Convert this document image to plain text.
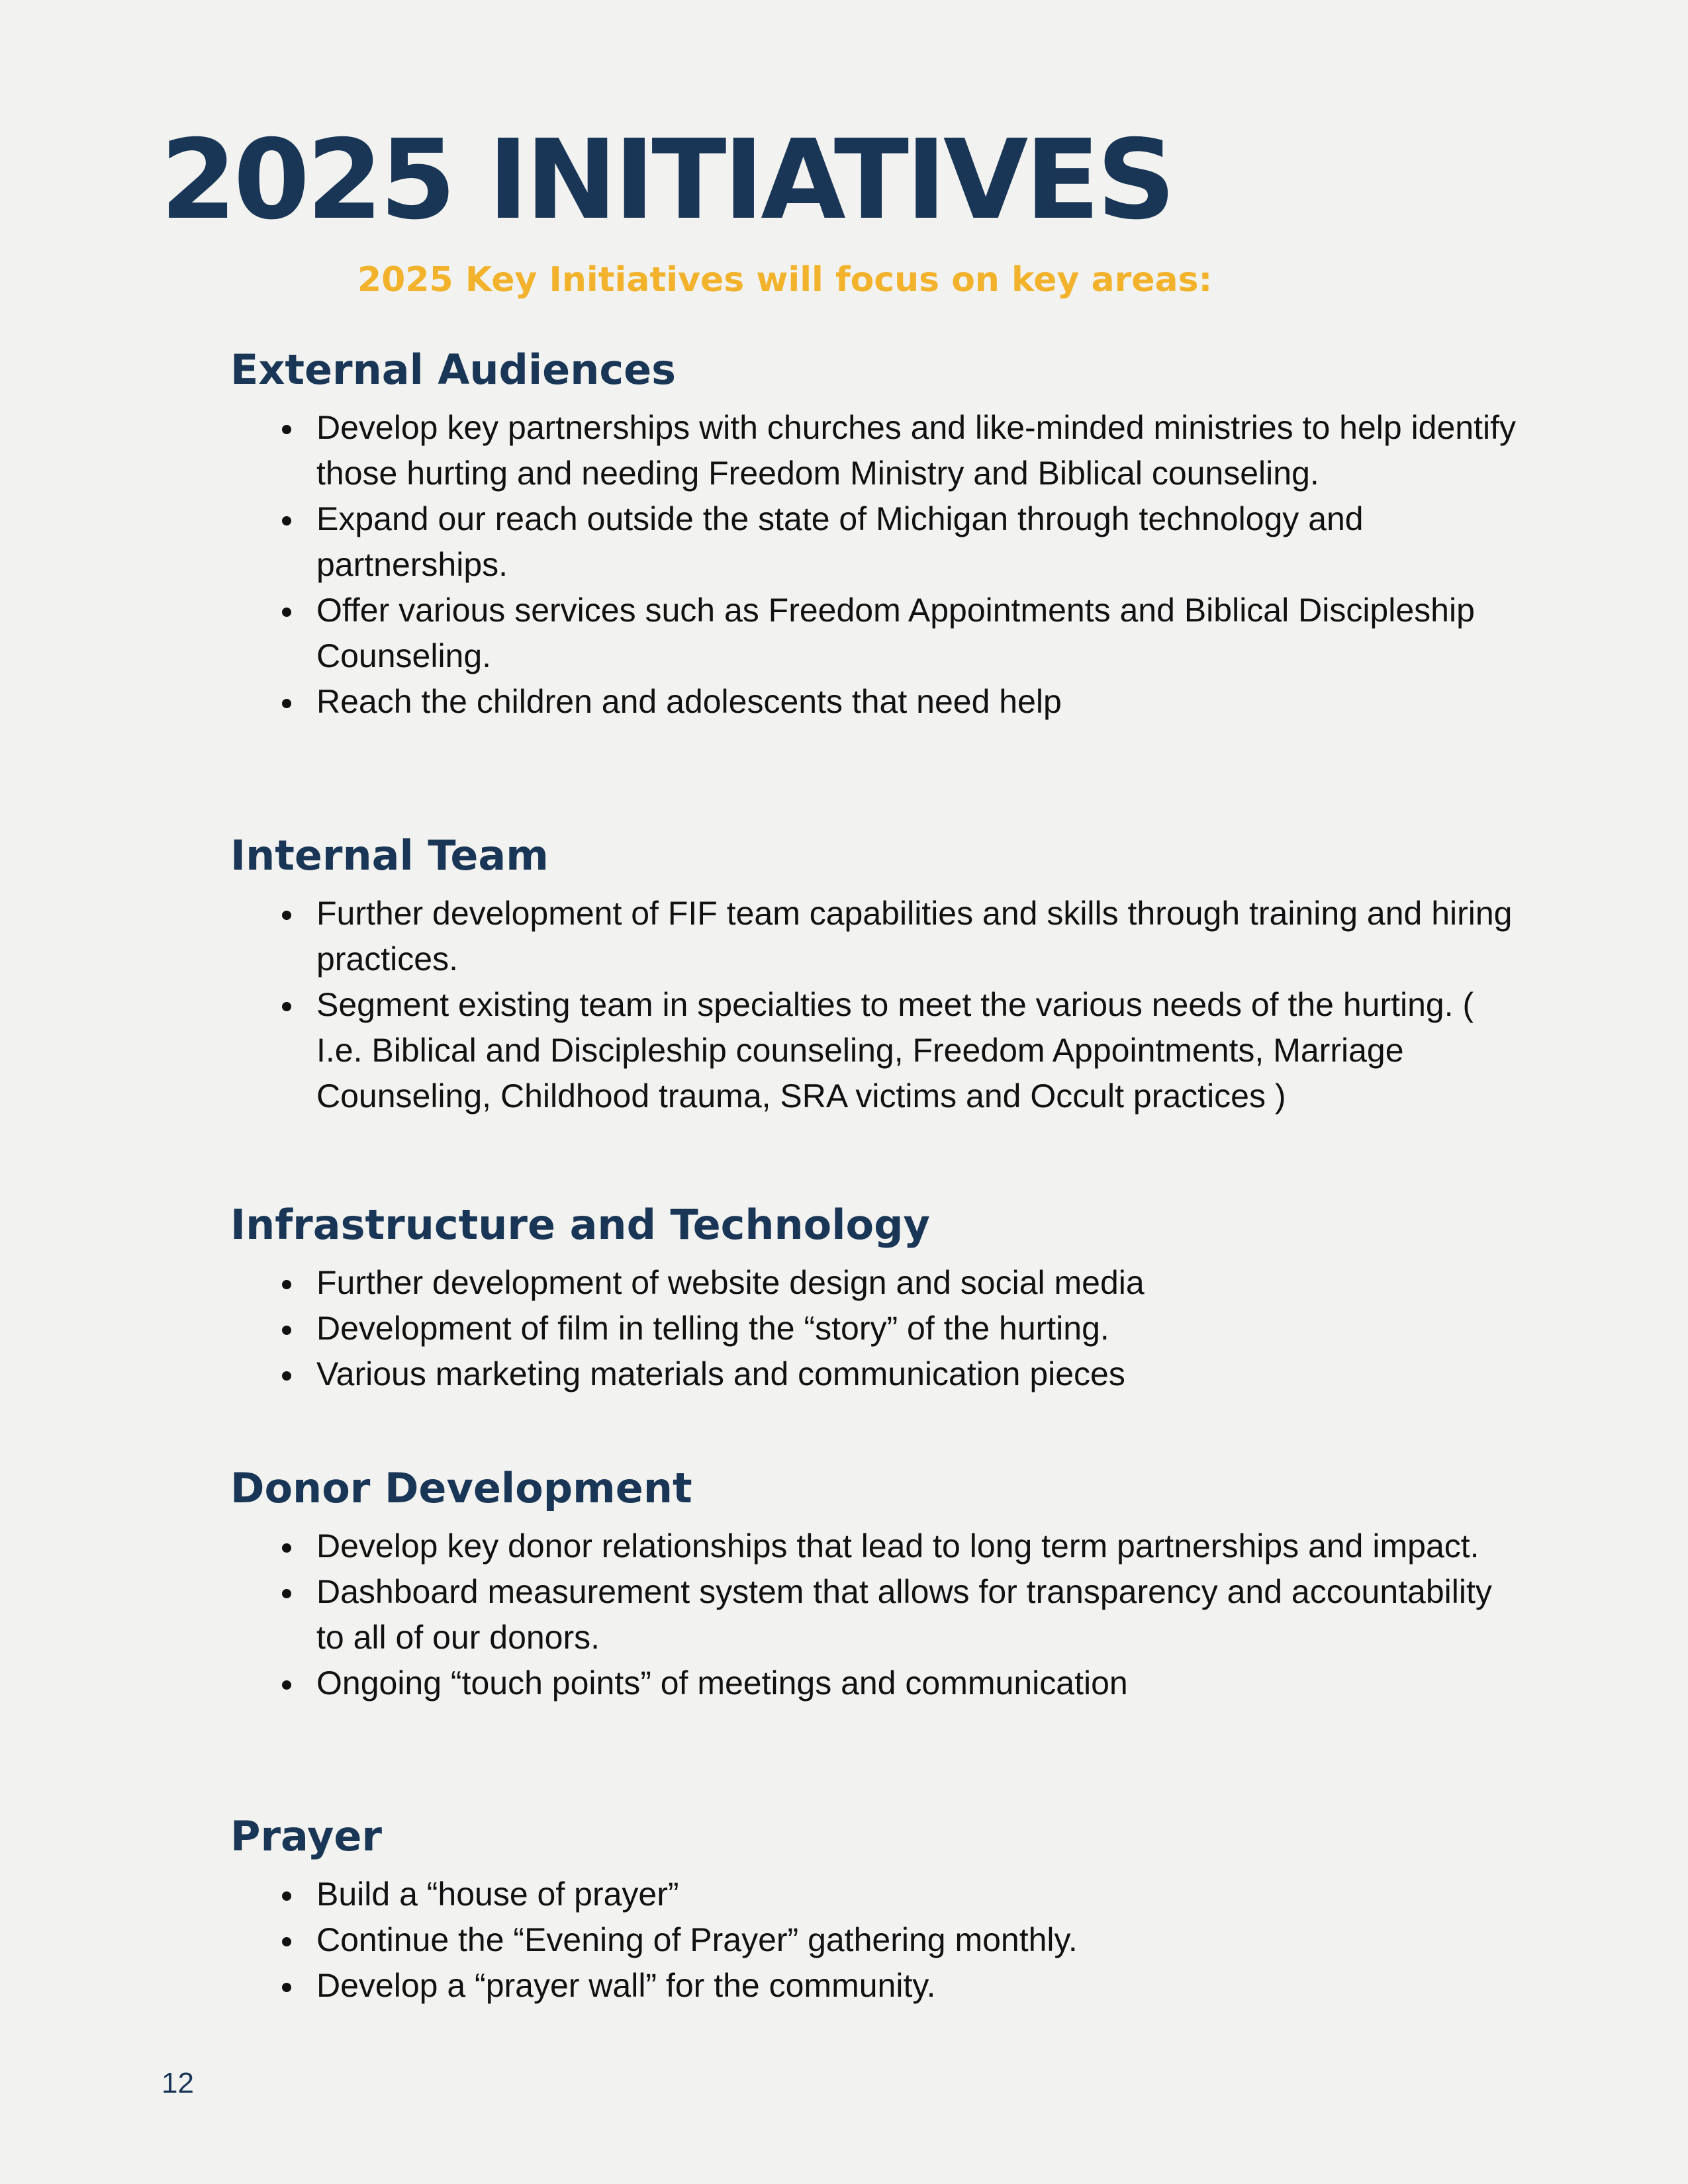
2025 INITIATIVES

2025 Key Initiatives will focus on key areas:

External Audiences
Develop key partnerships with churches and like-minded ministries to help identify those hurting and needing Freedom Ministry and Biblical counseling.
Expand our reach outside the state of Michigan through technology and partnerships.
Offer various services such as Freedom Appointments and Biblical Discipleship Counseling.
Reach the children and adolescents that need help
Internal Team
Further development of FIF team capabilities and skills through training and hiring practices.
Segment existing team in specialties to meet the various needs of the hurting. ( I.e. Biblical and Discipleship counseling, Freedom Appointments, Marriage Counseling, Childhood trauma, SRA victims and Occult practices )
Infrastructure and Technology
Further development of website design and social media
Development of film in telling the “story” of the hurting.
Various marketing materials and communication pieces
Donor Development
Develop key donor relationships that lead to long term partnerships and impact.
Dashboard measurement system that allows for transparency and accountability to all of our donors.
Ongoing “touch points” of meetings and communication
Prayer
Build a “house of prayer”
Continue the “Evening of Prayer” gathering monthly.
Develop a “prayer wall” for the community.
12
